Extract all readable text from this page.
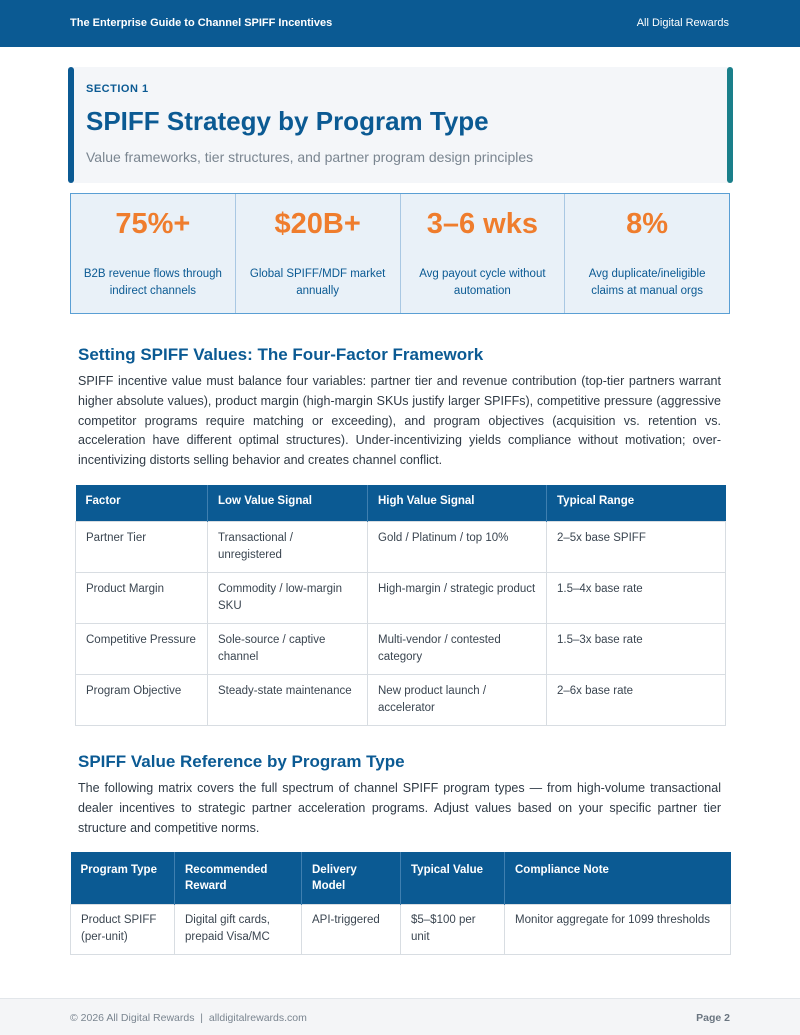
The Enterprise Guide to Channel SPIFF Incentives	All Digital Rewards
SECTION 1
SPIFF Strategy by Program Type
Value frameworks, tier structures, and partner program design principles
75%+
B2B revenue flows through indirect channels
$20B+
Global SPIFF/MDF market annually
3–6 wks
Avg payout cycle without automation
8%
Avg duplicate/ineligible claims at manual orgs
Setting SPIFF Values: The Four-Factor Framework
SPIFF incentive value must balance four variables: partner tier and revenue contribution (top-tier partners warrant higher absolute values), product margin (high-margin SKUs justify larger SPIFFs), competitive pressure (aggressive competitor programs require matching or exceeding), and program objectives (acquisition vs. retention vs. acceleration have different optimal structures). Under-incentivizing yields compliance without motivation; over-incentivizing distorts selling behavior and creates channel conflict.
Factor	Low Value Signal	High Value Signal	Typical Range
Partner Tier	Transactional / unregistered	Gold / Platinum / top 10%	2–5x base SPIFF
Product Margin	Commodity / low-margin SKU	High-margin / strategic product	1.5–4x base rate
Competitive Pressure	Sole-source / captive channel	Multi-vendor / contested category	1.5–3x base rate
Program Objective	Steady-state maintenance	New product launch / accelerator	2–6x base rate
SPIFF Value Reference by Program Type
The following matrix covers the full spectrum of channel SPIFF program types — from high-volume transactional dealer incentives to strategic partner acceleration programs. Adjust values based on your specific partner tier structure and competitive norms.
Program Type	Recommended Reward	Delivery Model	Typical Value	Compliance Note
Product SPIFF (per-unit)	Digital gift cards, prepaid Visa/MC	API-triggered	$5–$100 per unit	Monitor aggregate for 1099 thresholds
© 2026 All Digital Rewards  |  alldigitalrewards.com	Page 2
